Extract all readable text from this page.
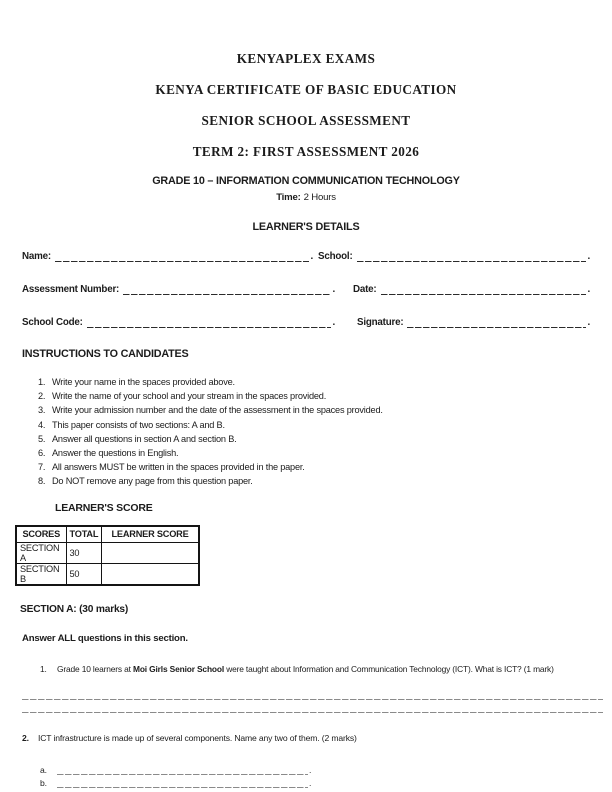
KENYAPLEX EXAMS

KENYA CERTIFICATE OF BASIC EDUCATION

SENIOR SCHOOL ASSESSMENT

TERM 2: FIRST ASSESSMENT 2026

GRADE 10 – INFORMATION COMMUNICATION TECHNOLOGY

Time: 2 Hours

LEARNER'S DETAILS

Name:	. School:	.
Assessment Number:	. Date:	.
School Code:	. Signature:	.

INSTRUCTIONS TO CANDIDATES

1. Write your name in the spaces provided above.
2. Write the name of your school and your stream in the spaces provided.
3. Write your admission number and the date of the assessment in the spaces provided.
4. This paper consists of two sections: A and B.
5. Answer all questions in section A and section B.
6. Answer the questions in English.
7. All answers MUST be written in the spaces provided in the paper.
8. Do NOT remove any page from this question paper.

LEARNER'S SCORE

SCORES	TOTAL	LEARNER SCORE
SECTION A	30	
SECTION B	50	

SECTION A: (30 marks)

Answer ALL questions in this section.

1.	Grade 10 learners at Moi Girls Senior School were taught about Information and Communication Technology (ICT). What is ICT? (1 mark)
2.	ICT infrastructure is made up of several components. Name any two of them. (2 marks)
a.	.
b.	.
